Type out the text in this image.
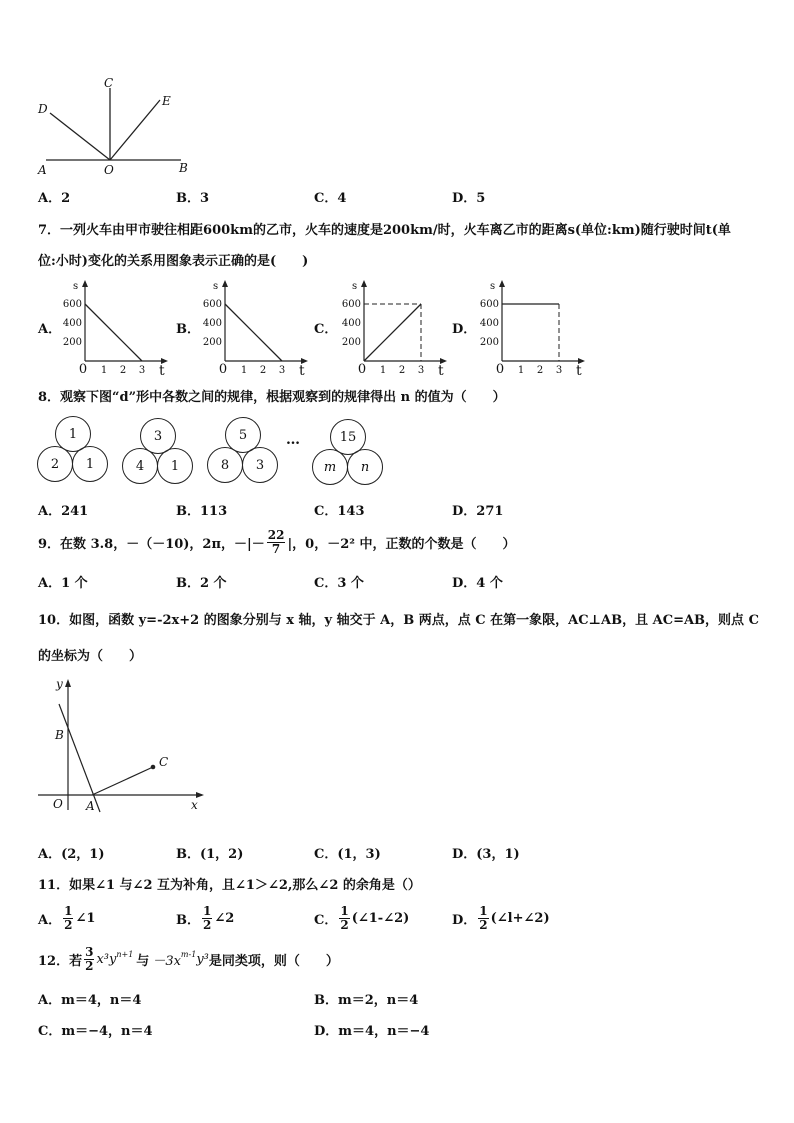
C
D
E
A	O	B
A．2	B．3	C．4	D．5
7．一列火车由甲市驶往相距600km的乙市，火车的速度是200km/时，火车离乙市的距离s(单位:km)随行驶时间t(单
位:小时)变化的关系用图象表示正确的是(　　)
A．	B．	C．	D．
s
t
600
400
200
0 1 2 3
s
t
600
400
200
0 1 2 3
s
t
600
400
200
0 1 2 3
s
t
600
400
200
0 1 2 3
8．观察下图“d”形中各数之间的规律，根据观察到的规律得出 n 的值为（　　）
1
2	1
3
4	1
5
8	3
…	15
m	n
A．241	B．113	C．143	D．271
9．在数 3.8，－（－10)，2π，－|－ $\frac{22}{7}$ |，0，－2² 中，正数的个数是（　　）
A．1 个	B．2 个	C．3 个	D．4 个
10．如图，函数 y=-2x+2 的图象分别与 x 轴，y 轴交于 A，B 两点，点 C 在第一象限，AC⊥AB，且 AC=AB，则点 C
的坐标为（　　）
y
x
O A
B
C
A．(2，1)	B．(1，2)	C．(1，3)	D．(3，1)
11．如果∠1 与∠2 互为补角，且∠1＞∠2,那么∠2 的余角是（）
A． $\frac{1}{2}$ ∠1	B． $\frac{1}{2}$ ∠2	C． $\frac{1}{2}$ (∠1-∠2)	D． $\frac{1}{2}$ (∠l+∠2)
12．若 $\frac{3}{2} x^3y^{n+1}$ 与 $-3x^{m-1}$ y³ 是同类项，则（　　）
A．m＝4，n＝4	B．m＝2，n＝4
C．m＝−4，n＝4	D．m＝4，n＝−4
